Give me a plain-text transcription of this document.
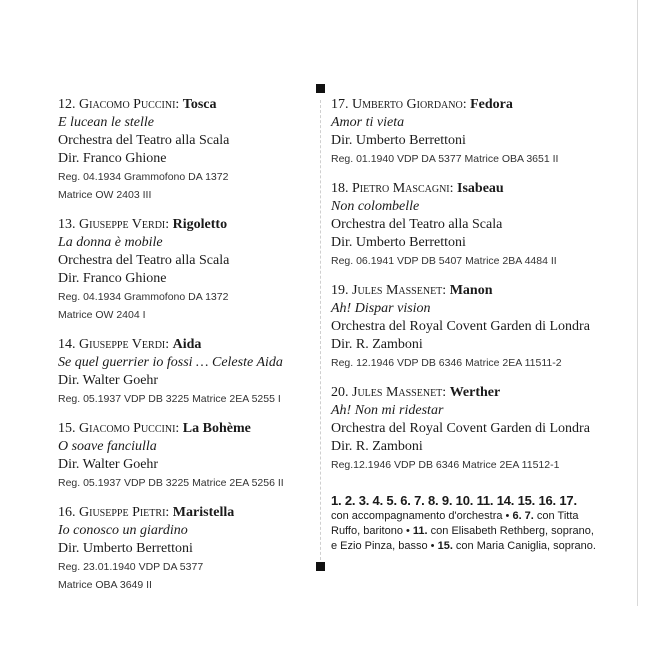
12. Giacomo Puccini: Tosca
E lucean le stelle
Orchestra del Teatro alla Scala
Dir. Franco Ghione
Reg. 04.1934 Grammofono DA 1372
Matrice OW 2403 III
13. Giuseppe Verdi: Rigoletto
La donna è mobile
Orchestra del Teatro alla Scala
Dir. Franco Ghione
Reg. 04.1934 Grammofono DA 1372
Matrice OW 2404 I
14. Giuseppe Verdi: Aida
Se quel guerrier io fossi … Celeste Aida
Dir. Walter Goehr
Reg. 05.1937 VDP DB 3225 Matrice 2EA 5255 I
15. Giacomo Puccini: La Bohème
O soave fanciulla
Dir. Walter Goehr
Reg. 05.1937 VDP DB 3225 Matrice 2EA 5256 II
16. Giuseppe Pietri: Maristella
Io conosco un giardino
Dir. Umberto Berrettoni
Reg. 23.01.1940 VDP DA 5377
Matrice OBA 3649 II
17. Umberto Giordano: Fedora
Amor ti vieta
Dir. Umberto Berrettoni
Reg. 01.1940 VDP DA 5377 Matrice OBA 3651 II
18. Pietro Mascagni: Isabeau
Non colombelle
Orchestra del Teatro alla Scala
Dir. Umberto Berrettoni
Reg. 06.1941 VDP DB 5407 Matrice 2BA 4484 II
19. Jules Massenet: Manon
Ah! Dispar vision
Orchestra del Royal Covent Garden di Londra
Dir. R. Zamboni
Reg. 12.1946 VDP DB 6346 Matrice 2EA 11511-2
20. Jules Massenet: Werther
Ah! Non mi ridestar
Orchestra del Royal Covent Garden di Londra
Dir. R. Zamboni
Reg.12.1946 VDP DB 6346 Matrice 2EA 11512-1
1. 2. 3. 4. 5. 6. 7. 8. 9. 10. 11. 14. 15. 16. 17.
con accompagnamento d'orchestra • 6. 7. con Titta
Ruffo, baritono • 11. con Elisabeth Rethberg, soprano,
e Ezio Pinza, basso • 15. con Maria Caniglia, soprano.
